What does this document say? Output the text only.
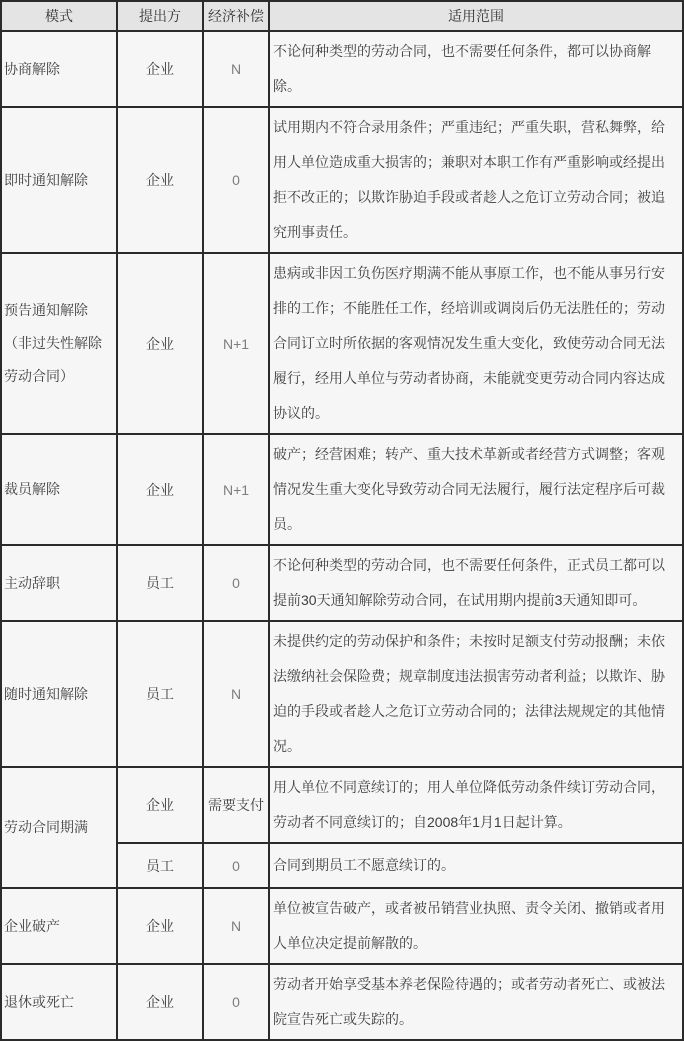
模式	提出方	经济补偿	适用范围
协商解除	企业	N	不论何种类型的劳动合同，也不需要任何条件，都可以协商解除。
即时通知解除	企业	0	试用期内不符合录用条件；严重违纪；严重失职，营私舞弊，给用人单位造成重大损害的；兼职对本职工作有严重影响或经提出拒不改正的；以欺诈胁迫手段或者趁人之危订立劳动合同；被追究刑事责任。
预告通知解除（非过失性解除劳动合同）	企业	N+1	患病或非因工负伤医疗期满不能从事原工作，也不能从事另行安排的工作；不能胜任工作，经培训或调岗后仍无法胜任的；劳动合同订立时所依据的客观情况发生重大变化，致使劳动合同无法履行，经用人单位与劳动者协商，未能就变更劳动合同内容达成协议的。
裁员解除	企业	N+1	破产；经营困难；转产、重大技术革新或者经营方式调整；客观情况发生重大变化导致劳动合同无法履行，履行法定程序后可裁员。
主动辞职	员工	0	不论何种类型的劳动合同，也不需要任何条件，正式员工都可以提前30天通知解除劳动合同，在试用期内提前3天通知即可。
随时通知解除	员工	N	未提供约定的劳动保护和条件；未按时足额支付劳动报酬；未依法缴纳社会保险费；规章制度违法损害劳动者利益；以欺诈、胁迫的手段或者趁人之危订立劳动合同的；法律法规规定的其他情况。
劳动合同期满	企业	需要支付	用人单位不同意续订的；用人单位降低劳动条件续订劳动合同，劳动者不同意续订的；自2008年1月1日起计算。
	员工	0	合同到期员工不愿意续订的。
企业破产	企业	N	单位被宣告破产，或者被吊销营业执照、责令关闭、撤销或者用人单位决定提前解散的。
退休或死亡	企业	0	劳动者开始享受基本养老保险待遇的；或者劳动者死亡、或被法院宣告死亡或失踪的。
